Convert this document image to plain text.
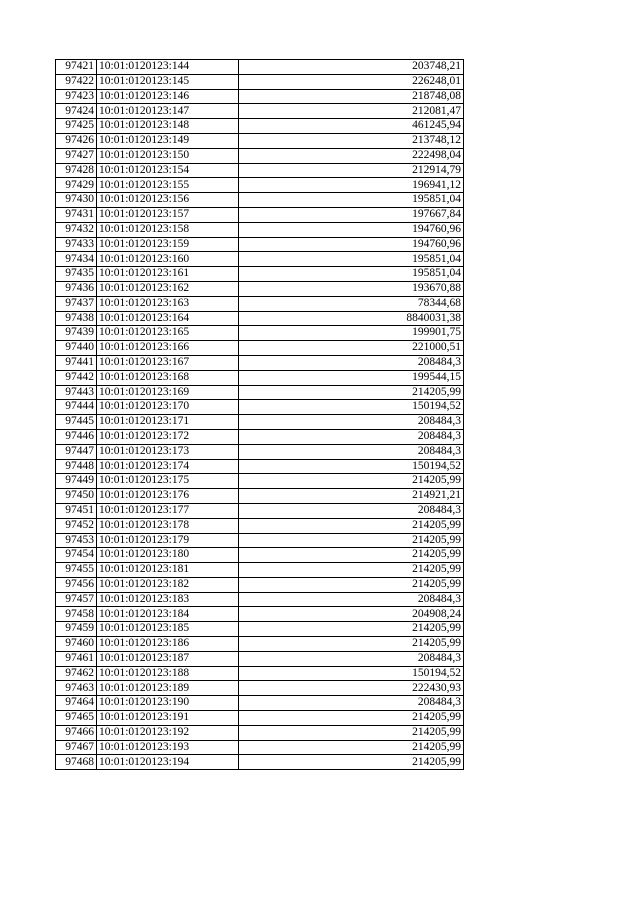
97421	10:01:0120123:144	203748,21
97422	10:01:0120123:145	226248,01
97423	10:01:0120123:146	218748,08
97424	10:01:0120123:147	212081,47
97425	10:01:0120123:148	461245,94
97426	10:01:0120123:149	213748,12
97427	10:01:0120123:150	222498,04
97428	10:01:0120123:154	212914,79
97429	10:01:0120123:155	196941,12
97430	10:01:0120123:156	195851,04
97431	10:01:0120123:157	197667,84
97432	10:01:0120123:158	194760,96
97433	10:01:0120123:159	194760,96
97434	10:01:0120123:160	195851,04
97435	10:01:0120123:161	195851,04
97436	10:01:0120123:162	193670,88
97437	10:01:0120123:163	78344,68
97438	10:01:0120123:164	8840031,38
97439	10:01:0120123:165	199901,75
97440	10:01:0120123:166	221000,51
97441	10:01:0120123:167	208484,3
97442	10:01:0120123:168	199544,15
97443	10:01:0120123:169	214205,99
97444	10:01:0120123:170	150194,52
97445	10:01:0120123:171	208484,3
97446	10:01:0120123:172	208484,3
97447	10:01:0120123:173	208484,3
97448	10:01:0120123:174	150194,52
97449	10:01:0120123:175	214205,99
97450	10:01:0120123:176	214921,21
97451	10:01:0120123:177	208484,3
97452	10:01:0120123:178	214205,99
97453	10:01:0120123:179	214205,99
97454	10:01:0120123:180	214205,99
97455	10:01:0120123:181	214205,99
97456	10:01:0120123:182	214205,99
97457	10:01:0120123:183	208484,3
97458	10:01:0120123:184	204908,24
97459	10:01:0120123:185	214205,99
97460	10:01:0120123:186	214205,99
97461	10:01:0120123:187	208484,3
97462	10:01:0120123:188	150194,52
97463	10:01:0120123:189	222430,93
97464	10:01:0120123:190	208484,3
97465	10:01:0120123:191	214205,99
97466	10:01:0120123:192	214205,99
97467	10:01:0120123:193	214205,99
97468	10:01:0120123:194	214205,99
